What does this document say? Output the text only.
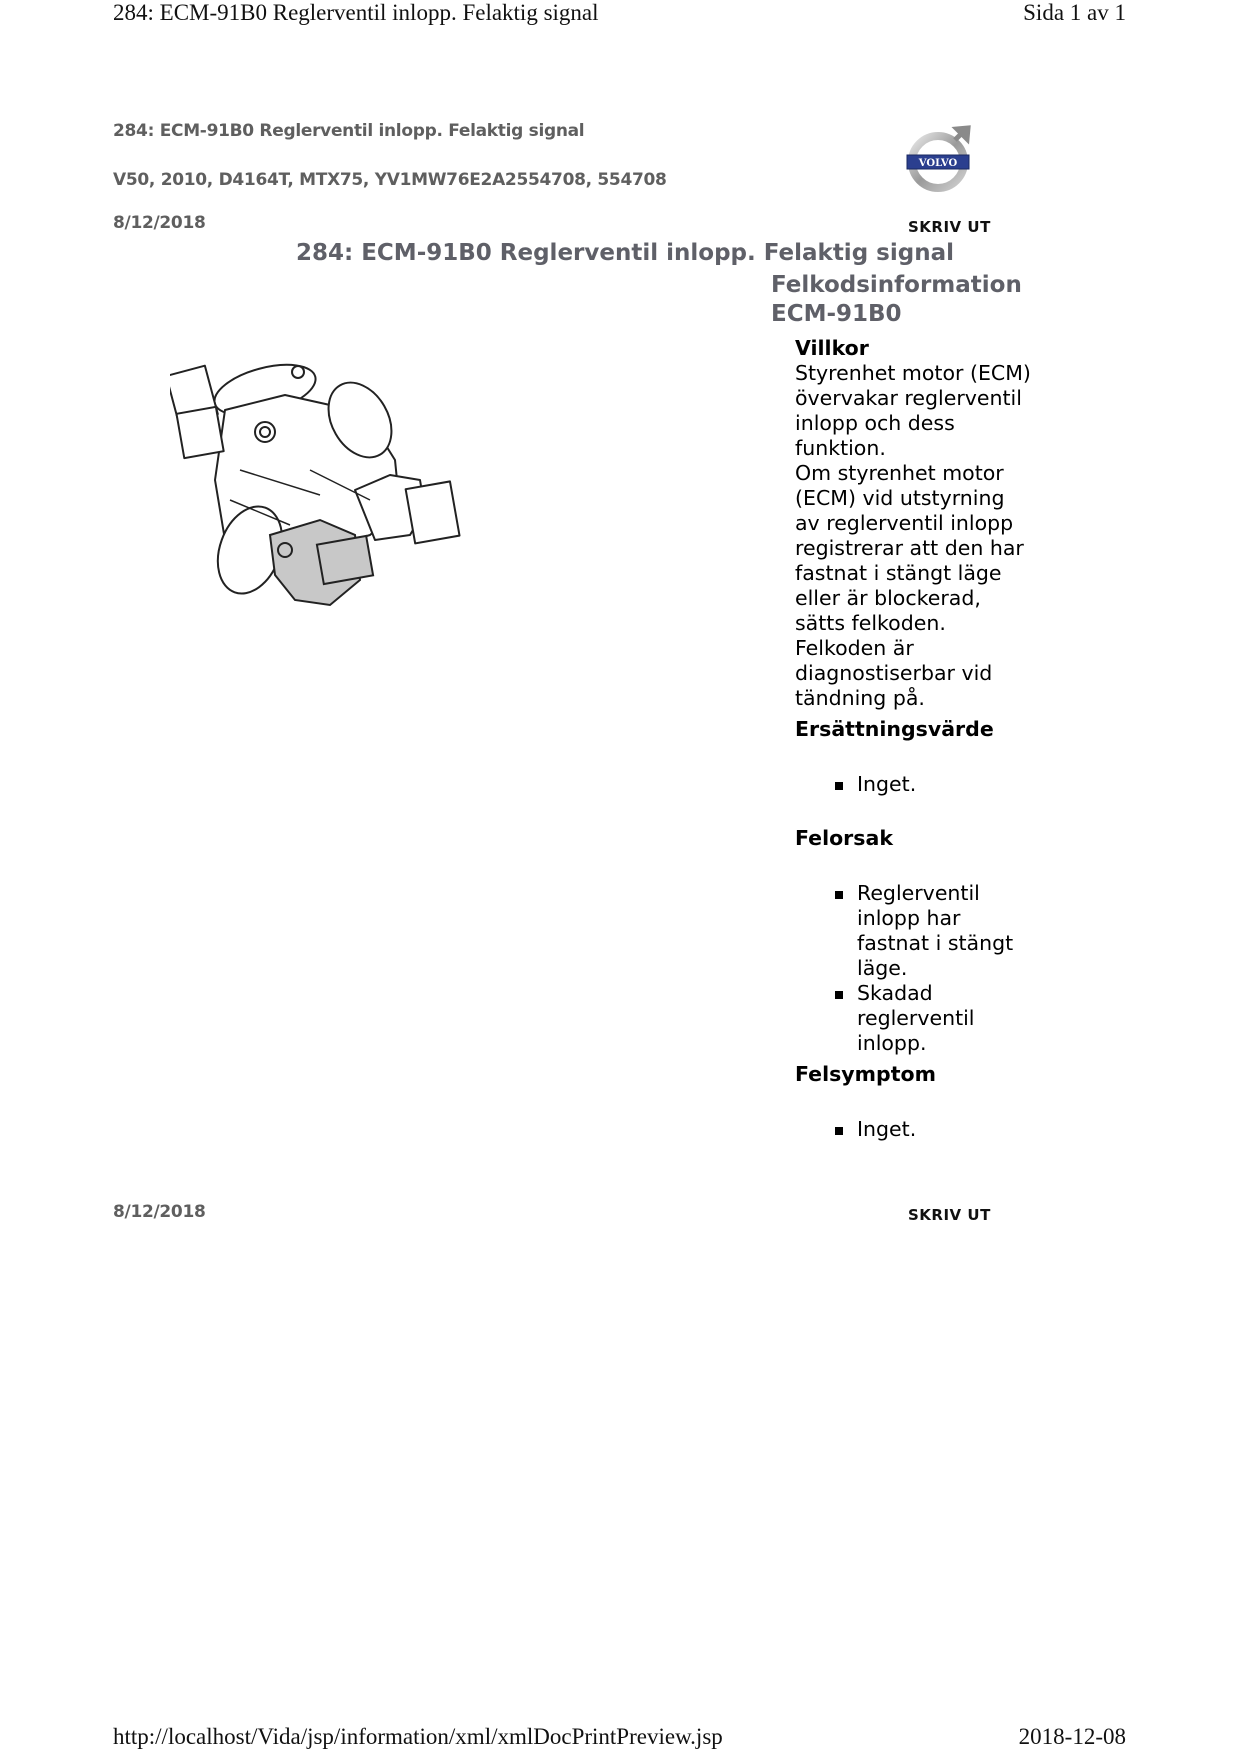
284: ECM-91B0 Reglerventil inlopp. Felaktig signal	Sida 1 av 1
284: ECM-91B0 Reglerventil inlopp. Felaktig signal
V50, 2010, D4164T, MTX75, YV1MW76E2A2554708, 554708
8/12/2018
VOLVO
SKRIV UT
284: ECM-91B0 Reglerventil inlopp. Felaktig signal
Felkodsinformation
ECM-91B0
Villkor

Styrenhet motor (ECM) övervakar reglerventil inlopp och dess funktion.

Om styrenhet motor (ECM) vid utstyrning av reglerventil inlopp registrerar att den har fastnat i stängt läge eller är blockerad, sätts felkoden.

Felkoden är diagnostiserbar vid tändning på.

Ersättningsvärde
Inget.
Felorsak
Reglerventil inlopp har fastnat i stängt läge.
Skadad reglerventil inlopp.
Felsymptom
Inget.
8/12/2018	SKRIV UT
http://localhost/Vida/jsp/information/xml/xmlDocPrintPreview.jsp	2018-12-08
